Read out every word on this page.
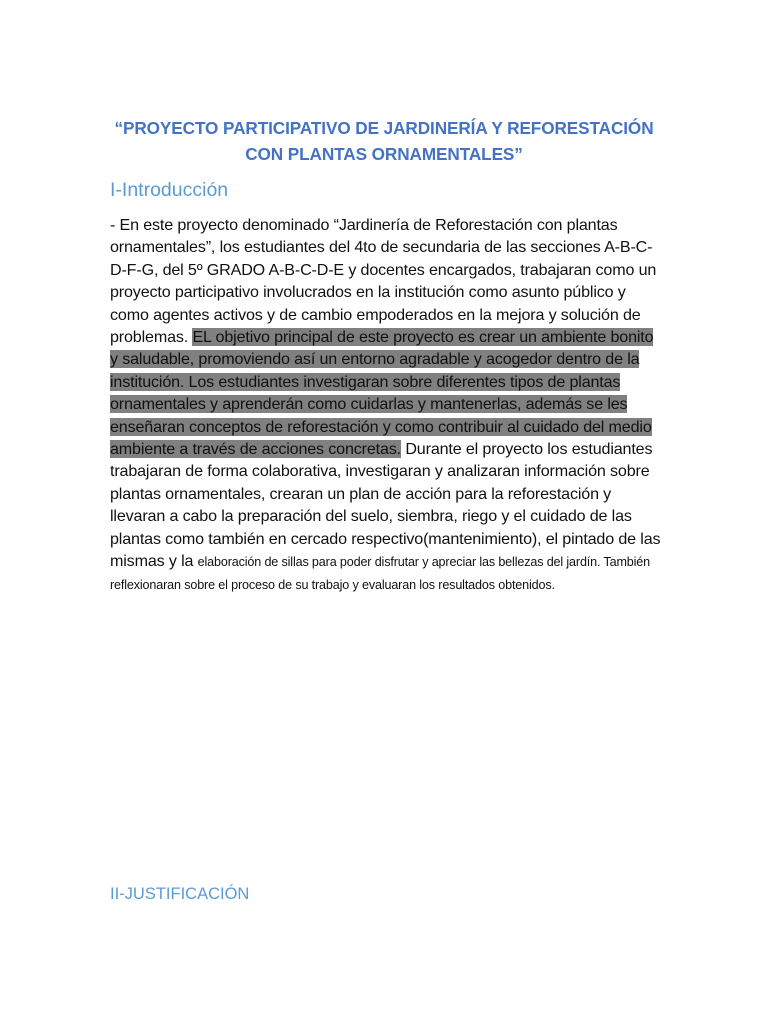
“PROYECTO PARTICIPATIVO DE JARDINERÍA Y REFORESTACIÓN
CON PLANTAS ORNAMENTALES”
I-Introducción
- En este proyecto denominado “Jardinería de Reforestación con plantas ornamentales”, los estudiantes del 4to de secundaria de las secciones A-B-C-D-F-G, del 5º GRADO A-B-C-D-E y docentes encargados, trabajaran como un proyecto participativo involucrados en la institución como asunto público y como agentes activos y de cambio empoderados en la mejora y solución de problemas. EL objetivo principal de este proyecto es crear un ambiente bonito y saludable, promoviendo así un entorno agradable y acogedor dentro de la institución. Los estudiantes investigaran sobre diferentes tipos de plantas ornamentales y aprenderán como cuidarlas y mantenerlas, además se les enseñaran conceptos de reforestación y como contribuir al cuidado del medio ambiente a través de acciones concretas. Durante el proyecto los estudiantes trabajaran de forma colaborativa, investigaran y analizaran información sobre plantas ornamentales, crearan un plan de acción para la reforestación y llevaran a cabo la preparación del suelo, siembra, riego y el cuidado de las plantas como también en cercado respectivo(mantenimiento), el pintado de las mismas y la elaboración de sillas para poder disfrutar y apreciar las bellezas del jardín. También reflexionaran sobre el proceso de su trabajo y evaluaran los resultados obtenidos.
II-JUSTIFICACIÓN
